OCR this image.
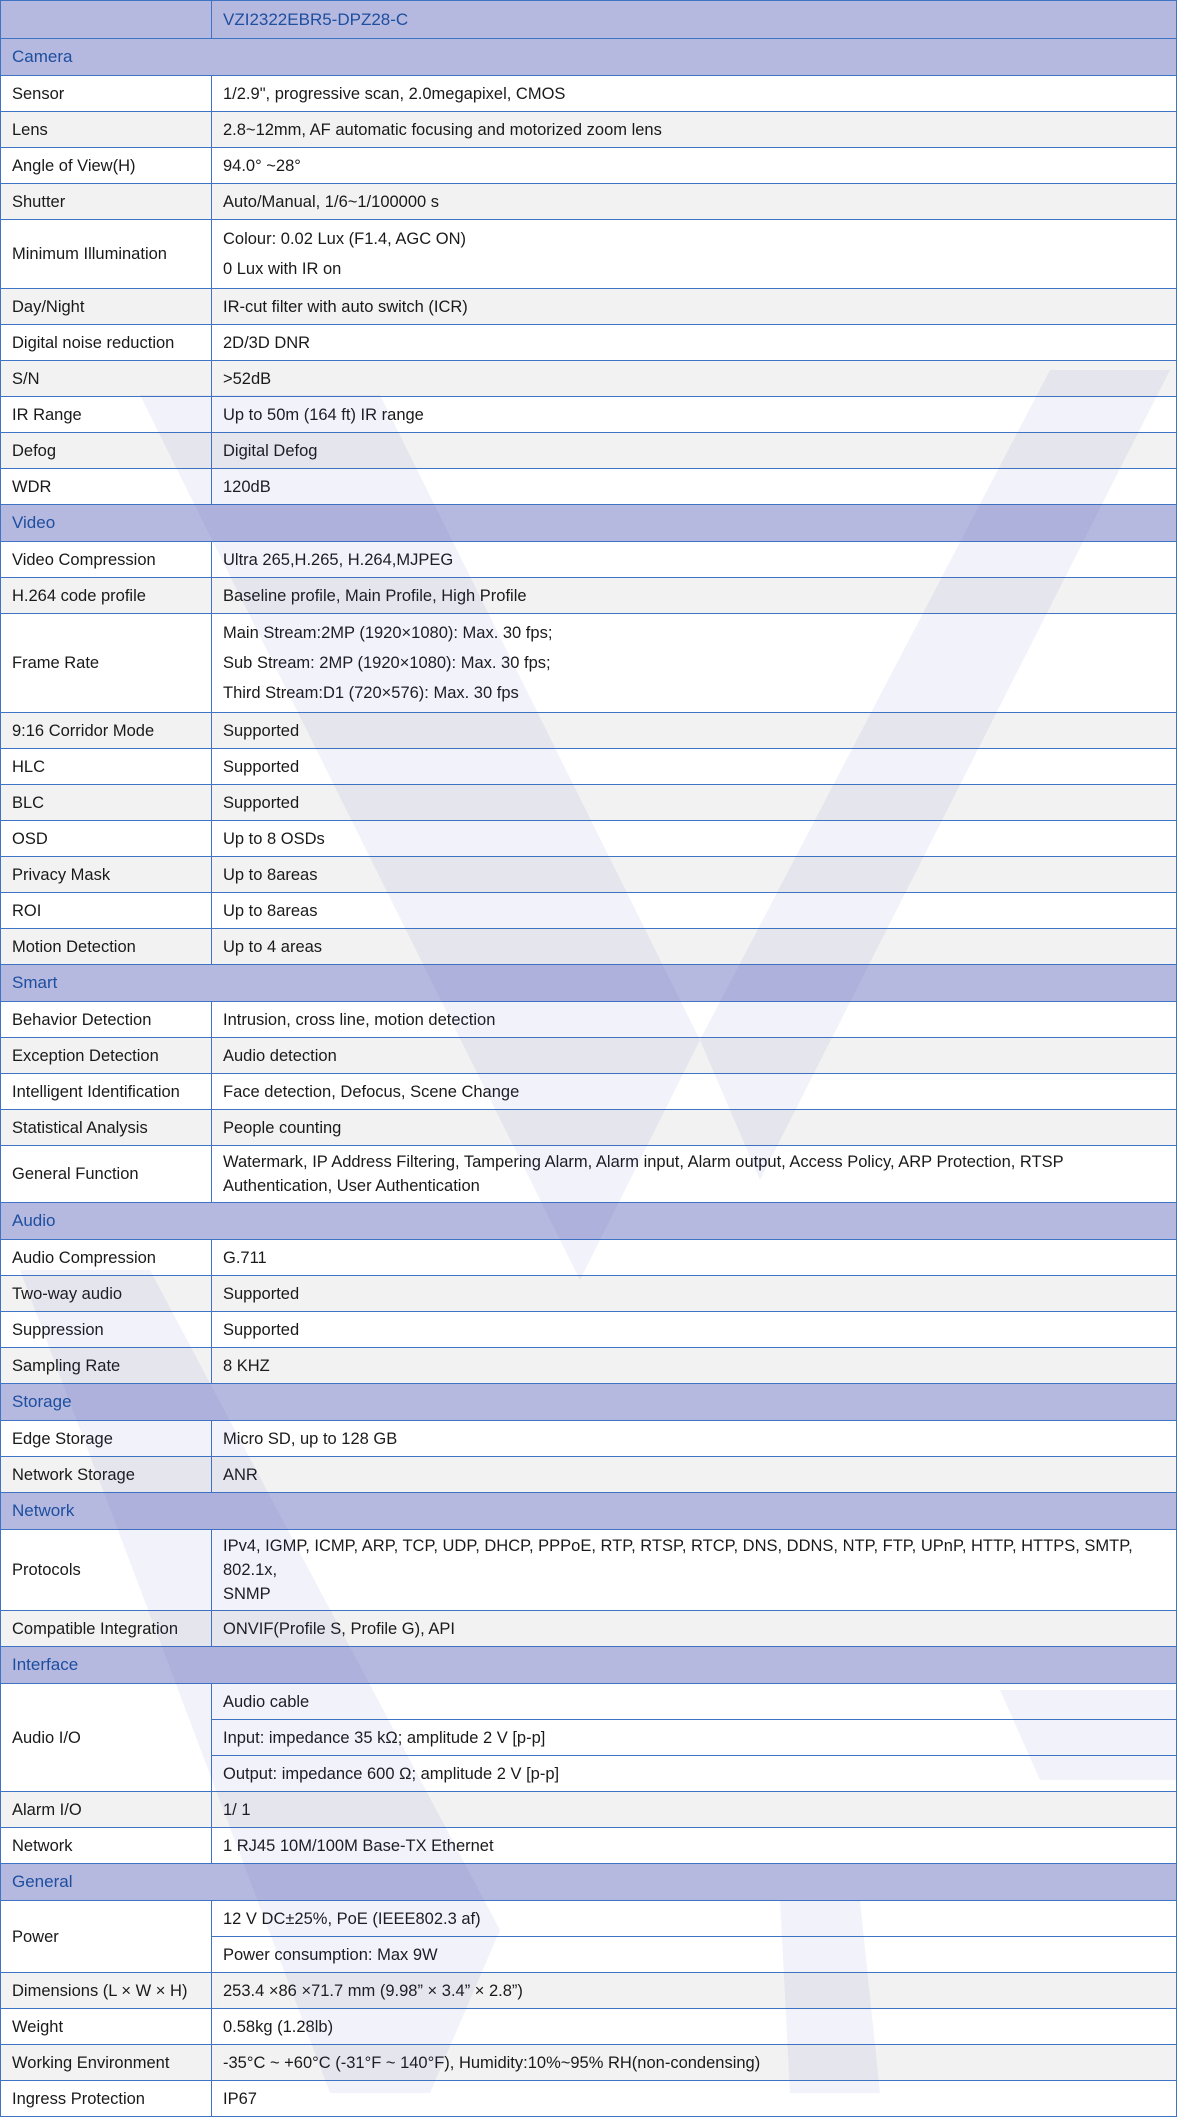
	VZI2322EBR5-DPZ28-C
Camera	
Sensor	1/2.9", progressive scan, 2.0megapixel, CMOS
Lens	2.8~12mm, AF automatic focusing and motorized zoom lens
Angle of View(H)	94.0° ~28°
Shutter	Auto/Manual, 1/6~1/100000 s
Minimum Illumination	Colour: 0.02 Lux (F1.4, AGC ON)
0 Lux with IR on

Day/Night	IR-cut filter with auto switch (ICR)
Digital noise reduction	2D/3D DNR
S/N	>52dB
IR Range	Up to 50m (164 ft) IR range
Defog	Digital Defog
WDR	120dB
Video	
Video Compression	Ultra 265,H.265, H.264,MJPEG
H.264 code profile	Baseline profile, Main Profile, High Profile
Frame Rate	Main Stream:2MP (1920×1080): Max. 30 fps;
Sub Stream: 2MP (1920×1080): Max. 30 fps;
Third Stream:D1 (720×576): Max. 30 fps

9:16 Corridor Mode	Supported
HLC	Supported
BLC	Supported
OSD	Up to 8 OSDs
Privacy Mask	Up to 8areas
ROI	Up to 8areas
Motion Detection	Up to 4 areas
Smart	
Behavior Detection	Intrusion, cross line, motion detection
Exception Detection	Audio detection
Intelligent Identification	Face detection, Defocus, Scene Change
Statistical Analysis	People counting
General Function	Watermark, IP Address Filtering, Tampering Alarm, Alarm input, Alarm output, Access Policy, ARP Protection, RTSP
Authentication, User Authentication

Audio	
Audio Compression	G.711
Two-way audio	Supported
Suppression	Supported
Sampling Rate	8 KHZ
Storage	
Edge Storage	Micro SD, up to 128 GB
Network Storage	ANR
Network	
Protocols	IPv4, IGMP, ICMP, ARP, TCP, UDP, DHCP, PPPoE, RTP, RTSP, RTCP, DNS, DDNS, NTP, FTP, UPnP, HTTP, HTTPS, SMTP, 802.1x,
SNMP

Compatible Integration	ONVIF(Profile S, Profile G), API
Interface	
Audio I/O	Audio cable
	Input: impedance 35 kΩ; amplitude 2 V [p-p]
	Output: impedance 600 Ω; amplitude 2 V [p-p]
Alarm I/O	1/ 1
Network	1 RJ45 10M/100M Base-TX Ethernet
General	
Power	12 V DC±25%, PoE (IEEE802.3 af)
	Power consumption: Max 9W
Dimensions (L × W × H)	253.4 ×86 ×71.7 mm (9.98” × 3.4” × 2.8”)
Weight	0.58kg (1.28lb)
Working Environment	-35°C ~ +60°C (-31°F ~ 140°F), Humidity:10%~95% RH(non-condensing)
Ingress Protection	IP67
